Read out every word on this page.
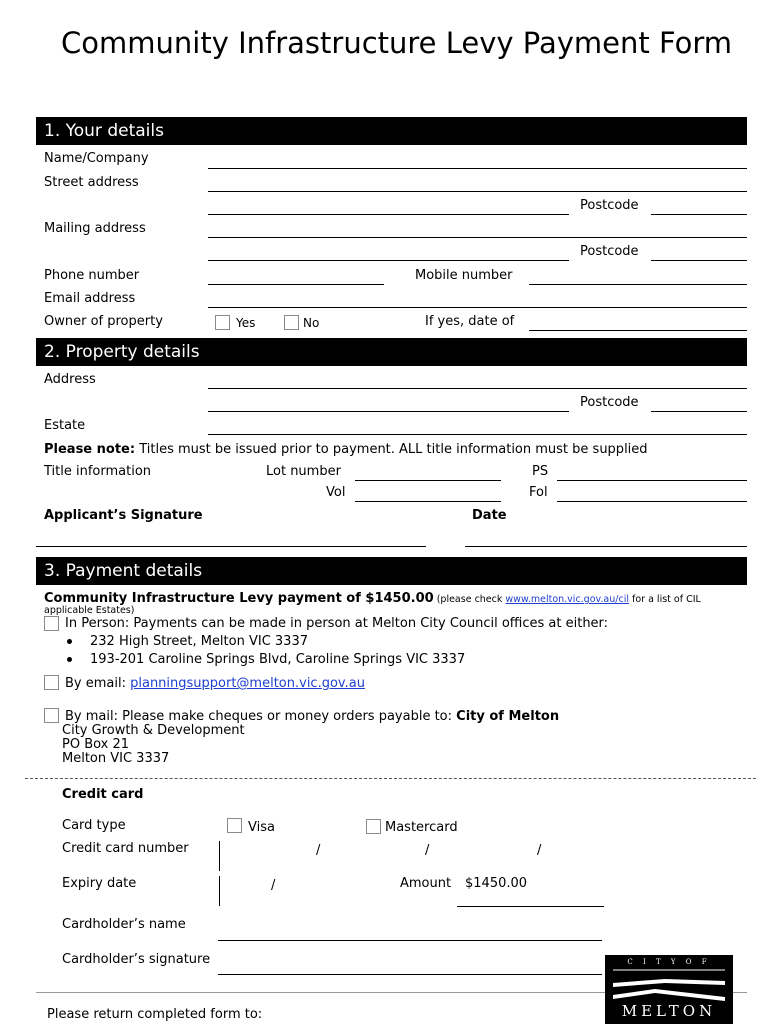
Community Infrastructure Levy Payment Form
1. Your details
Name/Company
Street address
Postcode
Mailing address
Postcode
Phone number	Mobile number
Email address
Owner of property	Yes	No	If yes, date of
2. Property details
Address
Postcode
Estate
Please note: Titles must be issued prior to payment. ALL title information must be supplied
Title information	Lot number	PS
Vol	Fol
Applicant’s Signature	Date
3. Payment details
Community Infrastructure Levy payment of $1450.00 (please check www.melton.vic.gov.au/cil for a list of CIL
applicable Estates)
In Person: Payments can be made in person at Melton City Council offices at either:
232 High Street, Melton VIC 3337
193-201 Caroline Springs Blvd, Caroline Springs VIC 3337
By email: planningsupport@melton.vic.gov.au
By mail: Please make cheques or money orders payable to: City of Melton
City Growth & Development
PO Box 21
Melton VIC 3337
Credit card
Card type	Visa	Mastercard
Credit card number	/	/	/
Expiry date	/	Amount $1450.00
Cardholder’s name
Cardholder’s signature
Please return completed form to:
C I T Y O F
MELTON
